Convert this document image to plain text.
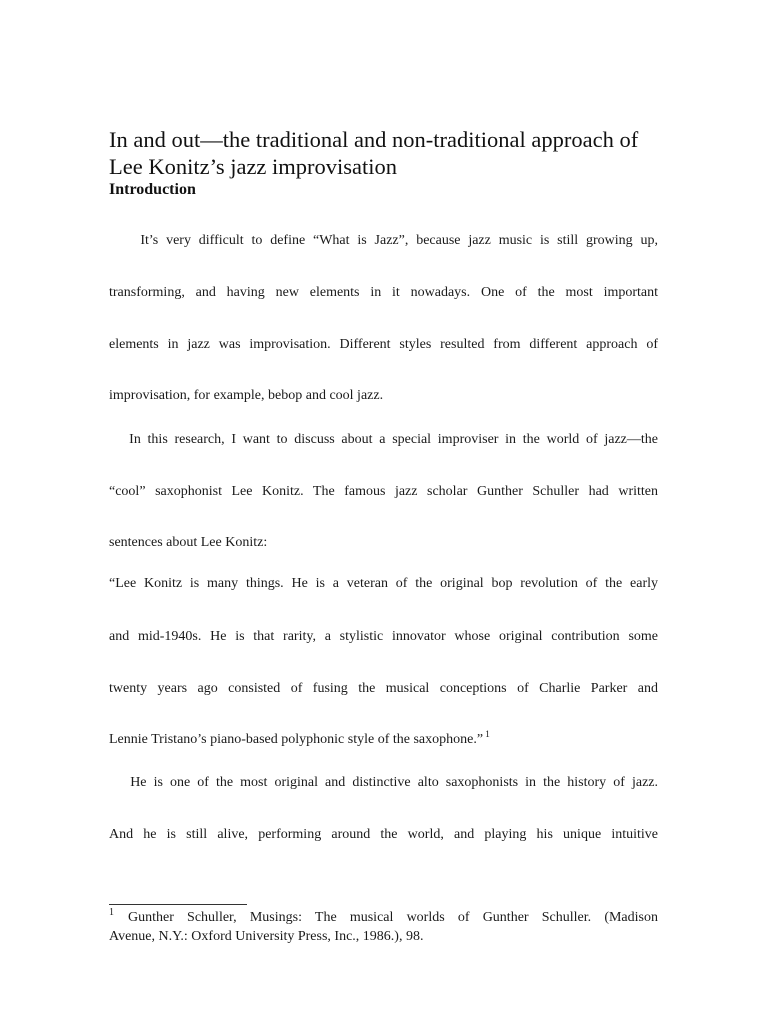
In and out—the traditional and non-traditional approach of
Lee Konitz’s jazz improvisation
Introduction
It’s very difficult to define “What is Jazz”, because jazz music is still growing up,
transforming, and having new elements in it nowadays. One of the most important
elements in jazz was improvisation. Different styles resulted from different approach of
improvisation, for example, bebop and cool jazz.
In this research, I want to discuss about a special improviser in the world of jazz—the
“cool” saxophonist Lee Konitz. The famous jazz scholar Gunther Schuller had written
sentences about Lee Konitz:
“Lee Konitz is many things. He is a veteran of the original bop revolution of the early
and mid-1940s. He is that rarity, a stylistic innovator whose original contribution some
twenty years ago consisted of fusing the musical conceptions of Charlie Parker and
Lennie Tristano’s piano-based polyphonic style of the saxophone.” $^1$
He is one of the most original and distinctive alto saxophonists in the history of jazz.
And he is still alive, performing around the world, and playing his unique intuitive
$^1$ Gunther Schuller, Musings: The musical worlds of Gunther Schuller. (Madison
Avenue, N.Y.: Oxford University Press, Inc., 1986.), 98.
